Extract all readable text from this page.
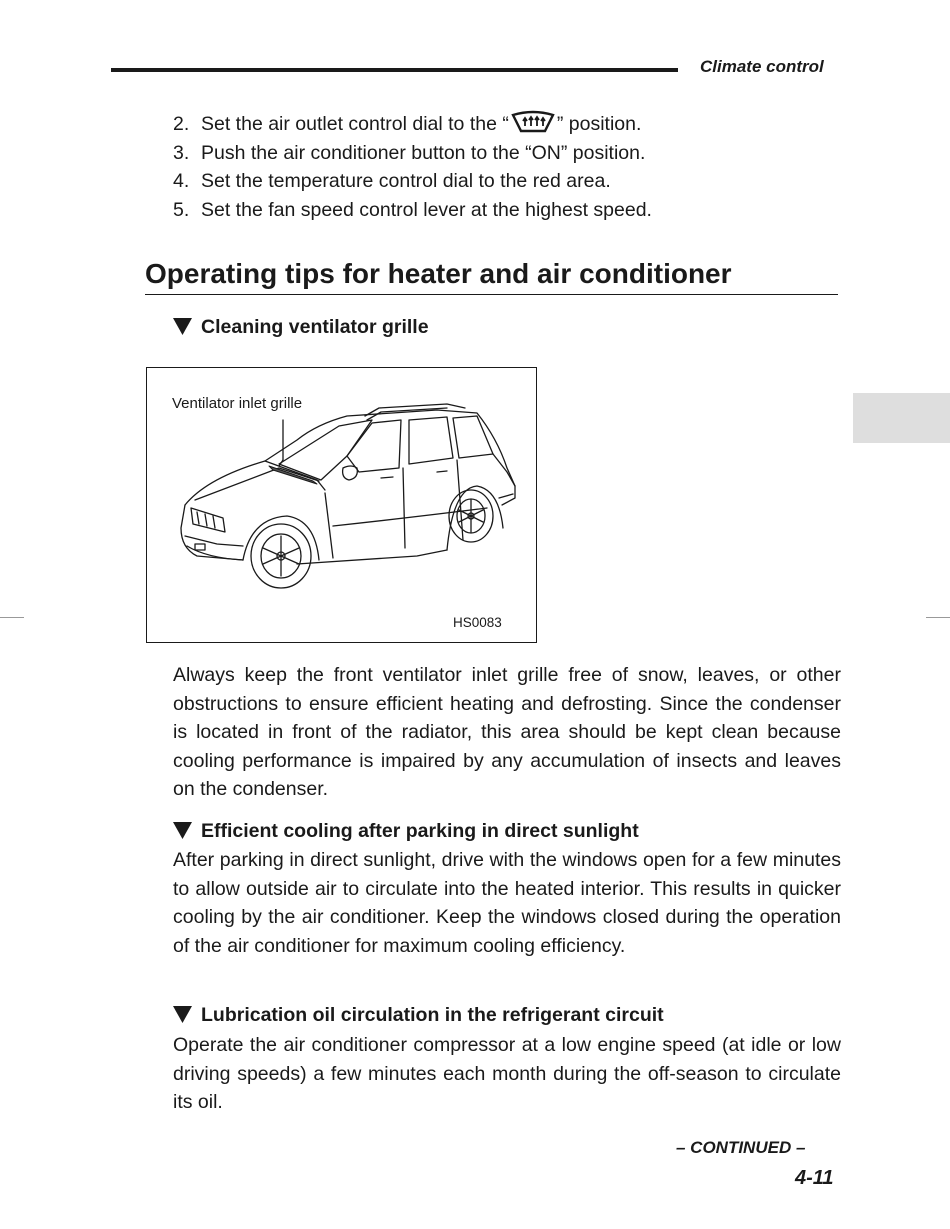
Climate control
2. Set the air outlet control dial to the “ ” position.
3. Push the air conditioner button to the “ON” position.
4. Set the temperature control dial to the red area.
5. Set the fan speed control lever at the highest speed.
Operating tips for heater and air conditioner
Cleaning ventilator grille
Ventilator inlet grille
HS0083

Always keep the front ventilator inlet grille free of snow, leaves, or other obstructions to ensure efficient heating and defrosting. Since the condenser is located in front of the radiator, this area should be kept clean because cooling performance is impaired by any accumulation of insects and leaves on the condenser.

Efficient cooling after parking in direct sunlight

After parking in direct sunlight, drive with the windows open for a few minutes to allow outside air to circulate into the heated interior. This results in quicker cooling by the air conditioner. Keep the windows closed during the operation of the air conditioner for maximum cooling efficiency.

Lubrication oil circulation in the refrigerant circuit

Operate the air conditioner compressor at a low engine speed (at idle or low driving speeds) a few minutes each month during the off-season to circulate its oil.

– CONTINUED –
4-11
